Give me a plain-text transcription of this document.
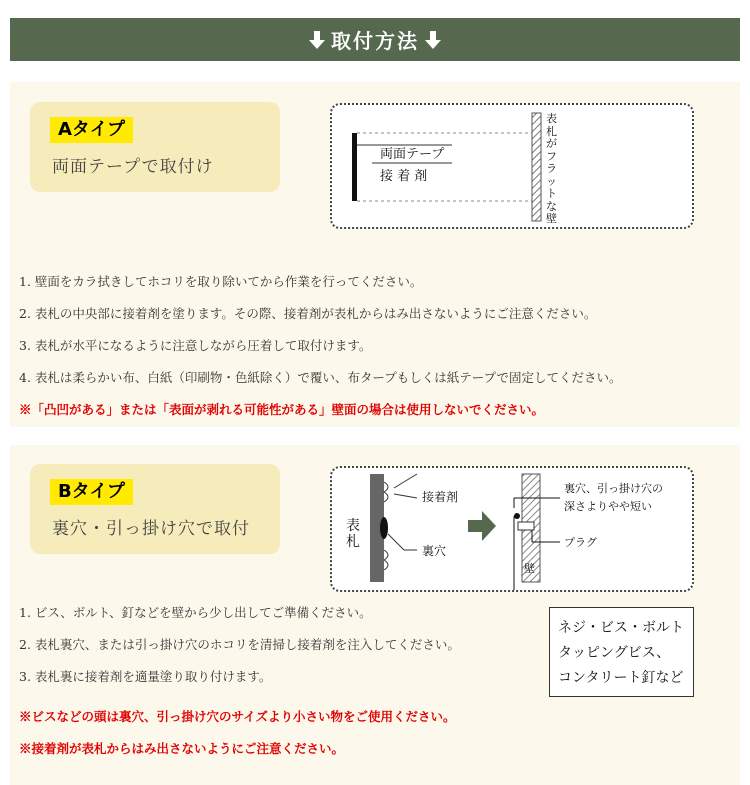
取付方法
Aタイプ
両面テープで取付け
両面テープ
接 着 剤
表札がフラットな壁

1. 壁面をカラ拭きしてホコリを取り除いてから作業を行ってください。

2. 表札の中央部に接着剤を塗ります。その際、接着剤が表札からはみ出さないようにご注意ください。

3. 表札が水平になるように注意しながら圧着して取付けます。

4. 表札は柔らかい布、白紙（印刷物・色紙除く）で覆い、布タープもしくは紙テープで固定してください。

※「凸凹がある」または「表面が剥れる可能性がある」壁面の場合は使用しないでください。

Bタイプ
裏穴・引っ掛け穴で取付	表札
接着剤
裏穴
裏穴、引っ掛け穴の
深さよりやや短い
プラグ
壁

1. ビス、ボルト、釘などを壁から少し出してご準備ください。

2. 表札裏穴、または引っ掛け穴のホコリを清掃し接着剤を注入してください。

3. 表札裏に接着剤を適量塗り取り付けます。

※ビスなどの頭は裏穴、引っ掛け穴のサイズより小さい物をご使用ください。

※接着剤が表札からはみ出さないようにご注意ください。

ネジ・ビス・ボルト
タッピングビス、
コンタリート釘など
